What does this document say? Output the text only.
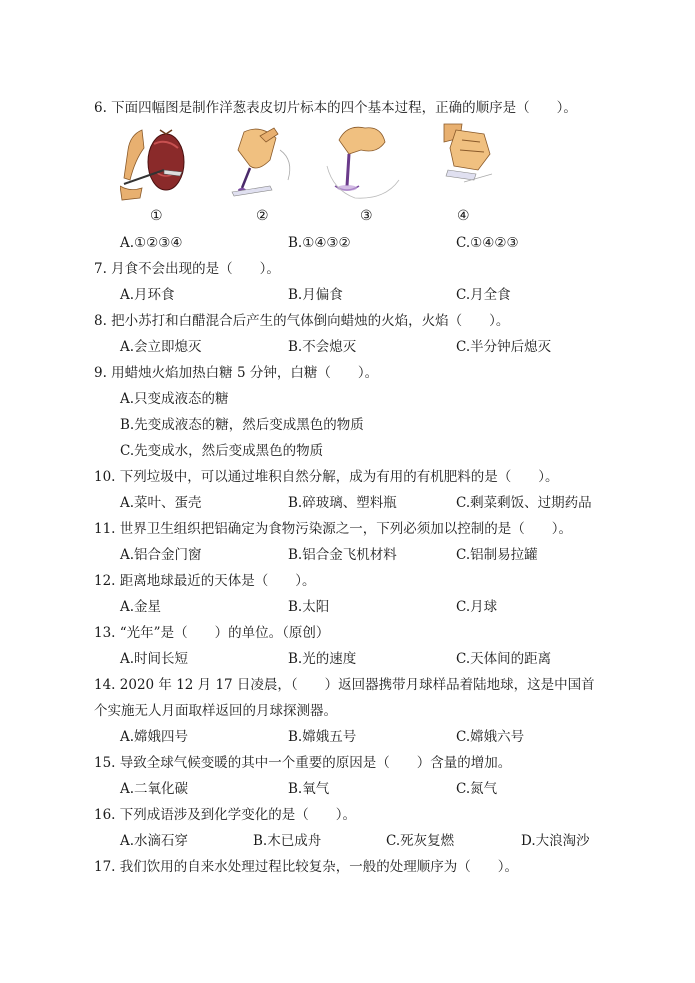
6. 下面四幅图是制作洋葱表皮切片标本的四个基本过程，正确的顺序是（　　）。
①	②	③	④
A.①②③④	B.①④③②	C.①④②③
7. 月食不会出现的是（　　）。
A.月环食	B.月偏食	C.月全食
8. 把小苏打和白醋混合后产生的气体倒向蜡烛的火焰，火焰（　　）。
A.会立即熄灭	B.不会熄灭	C.半分钟后熄灭
9. 用蜡烛火焰加热白糖 5 分钟，白糖（　　）。
A.只变成液态的糖
B.先变成液态的糖，然后变成黑色的物质
C.先变成水，然后变成黑色的物质
10. 下列垃圾中，可以通过堆积自然分解，成为有用的有机肥料的是（　　）。
A.菜叶、蛋壳	B.碎玻璃、塑料瓶	C.剩菜剩饭、过期药品
11. 世界卫生组织把铝确定为食物污染源之一，下列必须加以控制的是（　　）。
A.铝合金门窗	B.铝合金飞机材料	C.铝制易拉罐
12. 距离地球最近的天体是（　　）。
A.金星	B.太阳	C.月球
13. “光年”是（　　）的单位。（原创）
A.时间长短	B.光的速度	C.天体间的距离
14. 2020 年 12 月 17 日凌晨，（　　）返回器携带月球样品着陆地球，这是中国首
个实施无人月面取样返回的月球探测器。
A.嫦娥四号	B.嫦娥五号	C.嫦娥六号
15. 导致全球气候变暖的其中一个重要的原因是（　　）含量的增加。
A.二氧化碳	B.氧气	C.氮气
16. 下列成语涉及到化学变化的是（　　）。
A.水滴石穿	B.木已成舟	C.死灰复燃	D.大浪淘沙
17. 我们饮用的自来水处理过程比较复杂，一般的处理顺序为（　　）。
